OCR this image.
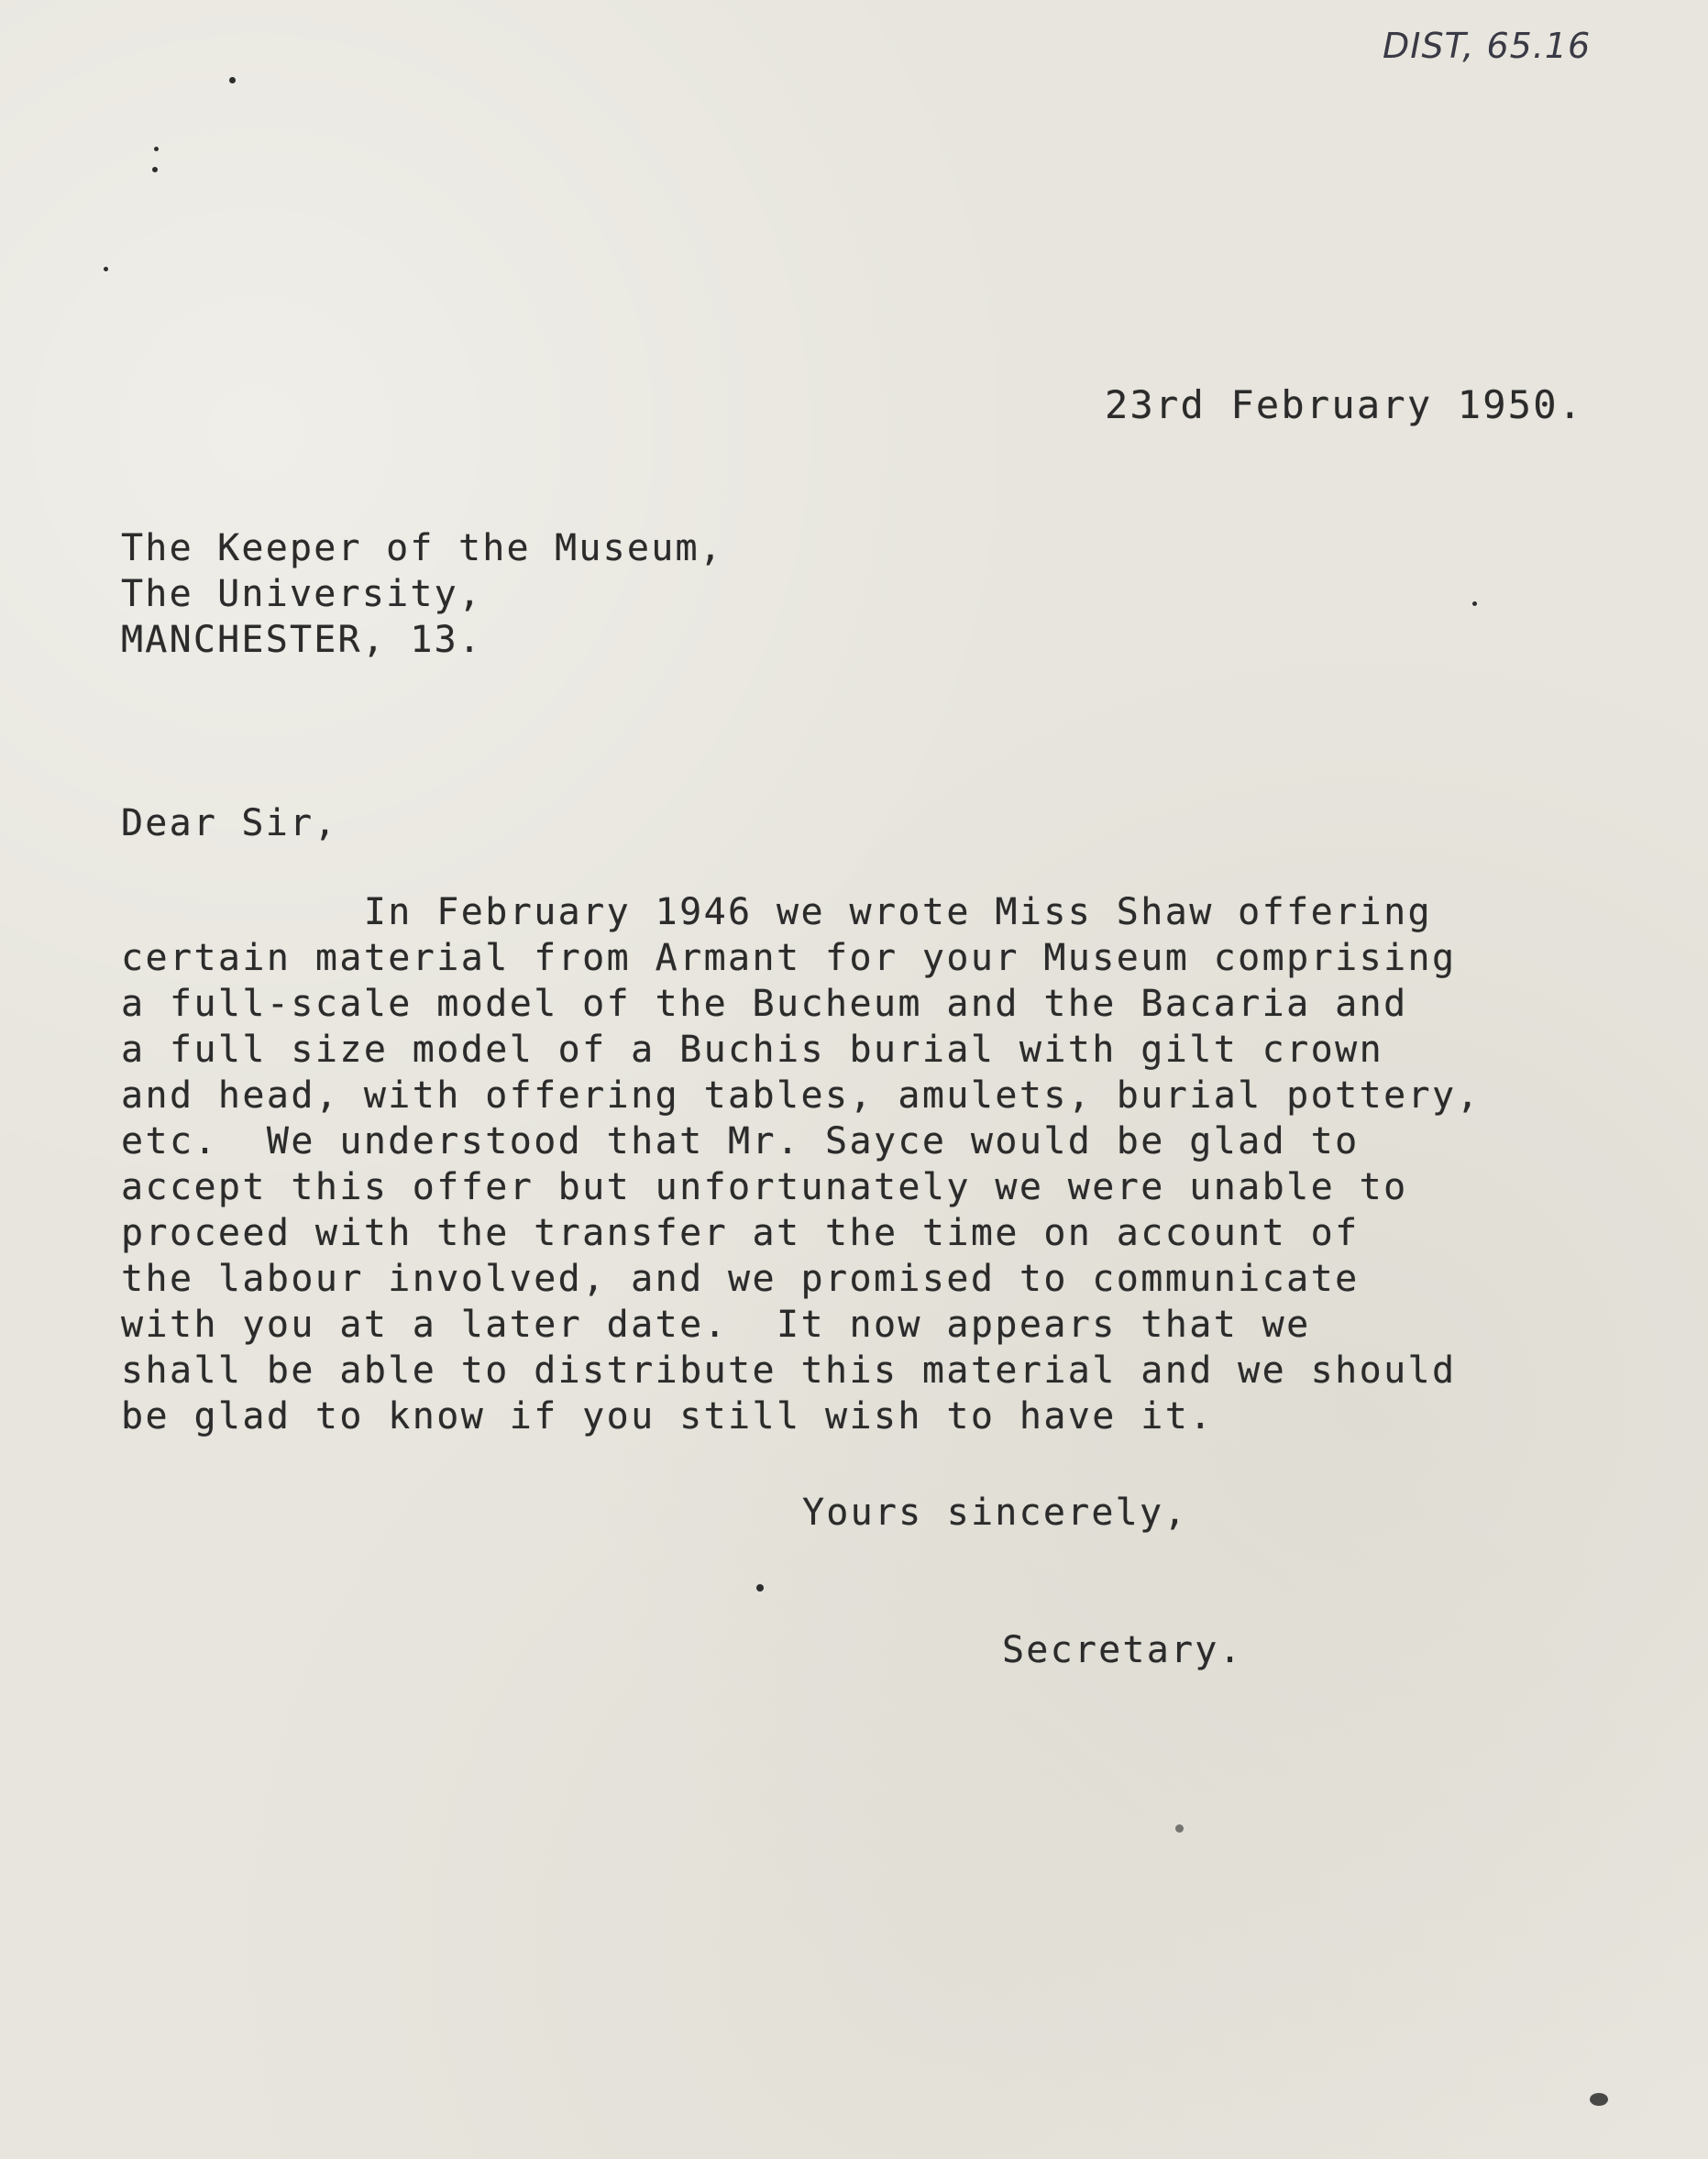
DIST, 65.16
23rd February 1950.
The Keeper of the Museum,
The University,
MANCHESTER, 13.
Dear Sir,
In February 1946 we wrote Miss Shaw offering
certain material from Armant for your Museum comprising
a full-scale model of the Bucheum and the Bacaria and
a full size model of a Buchis burial with gilt crown
and head, with offering tables, amulets, burial pottery,
etc.  We understood that Mr. Sayce would be glad to
accept this offer but unfortunately we were unable to
proceed with the transfer at the time on account of
the labour involved, and we promised to communicate
with you at a later date.  It now appears that we
shall be able to distribute this material and we should
be glad to know if you still wish to have it.
Yours sincerely,
Secretary.
